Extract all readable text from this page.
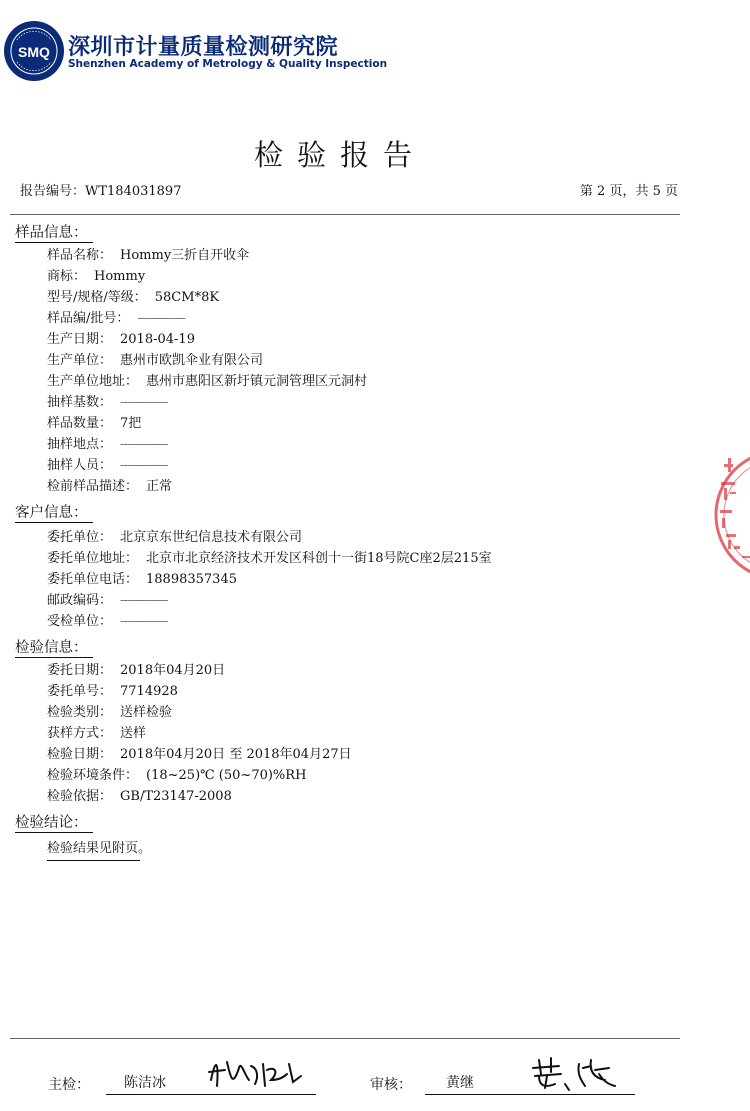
SMQ 深圳市计量质量检测研究院
Shenzhen Academy of Metrology & Quality Inspection
检验报告
报告编号：WT184031897	第 2 页，共 5 页
样品信息：
样品名称： Hommy三折自开收伞
商标： Hommy
型号/规格/等级： 58CM*8K
样品编/批号： --------------
生产日期： 2018-04-19
生产单位： 惠州市欧凯伞业有限公司
生产单位地址： 惠州市惠阳区新圩镇元洞管理区元洞村
抽样基数： --------------
样品数量： 7把
抽样地点： --------------
抽样人员： --------------
检前样品描述： 正常
客户信息：
委托单位： 北京京东世纪信息技术有限公司
委托单位地址： 北京市北京经济技术开发区科创十一街18号院C座2层215室
委托单位电话： 18898357345
邮政编码： --------------
受检单位： --------------
检验信息：
委托日期： 2018年04月20日
委托单号： 7714928
检验类别： 送样检验
获样方式： 送样
检验日期： 2018年04月20日 至 2018年04月27日
检验环境条件： (18~25)℃ (50~70)%RH
检验依据： GB/T23147-2008
检验结论：
检验结果见附页。
主检： 陈洁冰	审核： 黄继
